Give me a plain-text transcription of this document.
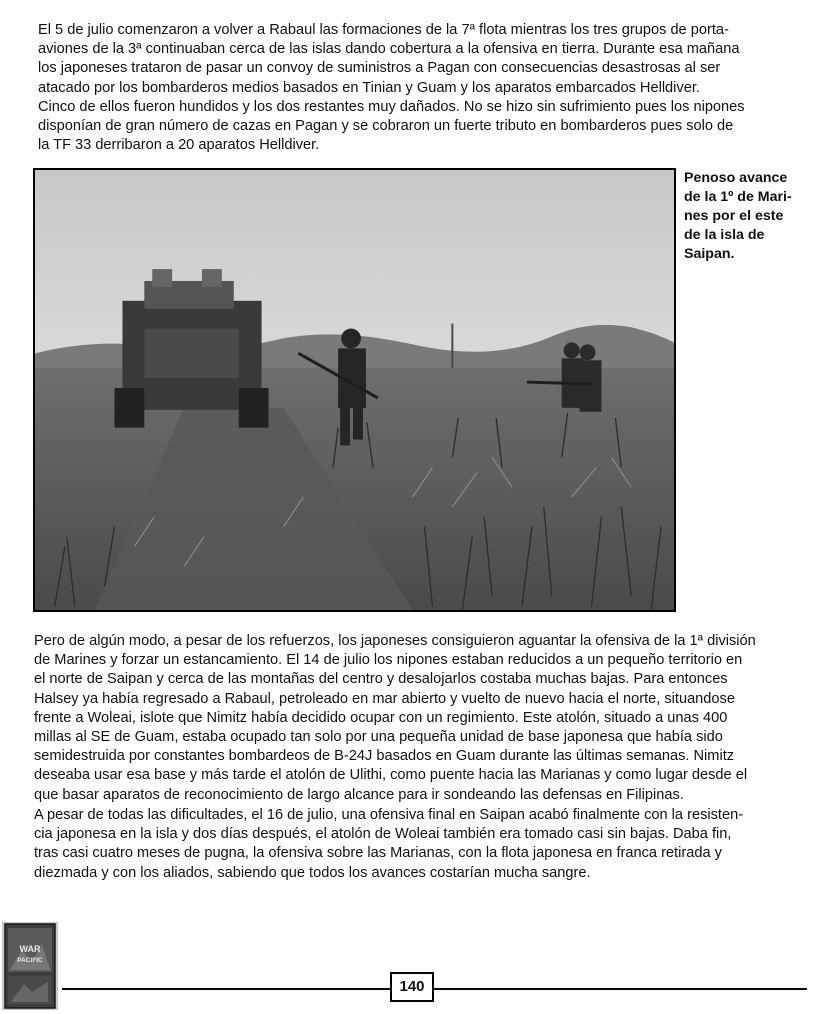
El 5 de julio comenzaron a volver a Rabaul las formaciones de la 7ª flota mientras los tres grupos de porta-
aviones de la 3ª continuaban cerca de las islas dando cobertura a la ofensiva en tierra. Durante esa mañana
los japoneses trataron de pasar un convoy de suministros a Pagan con consecuencias desastrosas al ser
atacado por los bombarderos medios basados en Tinian y Guam y los aparatos embarcados Helldiver.
Cinco de ellos fueron hundidos y los dos restantes muy dañados. No se hizo sin sufrimiento pues los nipones
disponían de gran número de cazas en Pagan y se cobraron un fuerte tributo en bombarderos pues solo de
la TF 33 derribaron a 20 aparatos Helldiver.

Penoso avance
de la 1º de Mari-
nes por el este
de la isla de
Saipan.

Pero de algún modo, a pesar de los refuerzos, los japoneses consiguieron aguantar la ofensiva de la 1ª división
de Marines y forzar un estancamiento. El 14 de julio los nipones estaban reducidos a un pequeño territorio en
el norte de Saipan y cerca de las montañas del centro y desalojarlos costaba muchas bajas. Para entonces
Halsey ya había regresado a Rabaul, petroleado en mar abierto y vuelto de nuevo hacia el norte, situandose
frente a Woleai, islote que Nimitz había decidido ocupar con un regimiento. Este atolón, situado a unas 400
millas al SE de Guam, estaba ocupado tan solo por una pequeña unidad de base japonesa que había sido
semidestruida por constantes bombardeos de B-24J basados en Guam durante las últimas semanas. Nimitz
deseaba usar esa base y más tarde el atolón de Ulithi, como puente hacia las Marianas y como lugar desde el
que basar aparatos de reconocimiento de largo alcance para ir sondeando las defensas en Filipinas.

A pesar de todas las dificultades, el 16 de julio, una ofensiva final en Saipan acabó finalmente con la resisten-
cia japonesa en la isla y dos días después, el atolón de Woleai también era tomado casi sin bajas. Daba fin,
tras casi cuatro meses de pugna, la ofensiva sobre las Marianas, con la flota japonesa en franca retirada y
diezmada y con los aliados, sabiendo que todos los avances costarían mucha sangre.

WAR
PACIFIC
140
